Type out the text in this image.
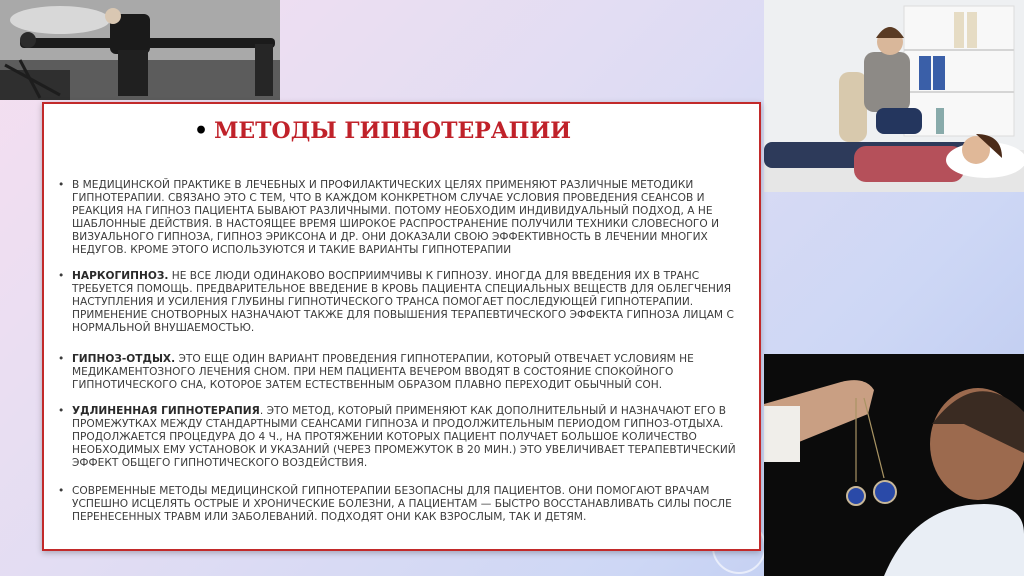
• МЕТОДЫ ГИПНОТЕРАПИИ
• В МЕДИЦИНСКОЙ ПРАКТИКЕ В ЛЕЧЕБНЫХ И ПРОФИЛАКТИЧЕСКИХ ЦЕЛЯХ ПРИМЕНЯЮТ РАЗЛИЧНЫЕ МЕТОДИКИ ГИПНОТЕРАПИИ. СВЯЗАНО ЭТО С ТЕМ, ЧТО В КАЖДОМ КОНКРЕТНОМ СЛУЧАЕ УСЛОВИЯ ПРОВЕДЕНИЯ СЕАНСОВ И РЕАКЦИЯ НА ГИПНОЗ ПАЦИЕНТА БЫВАЮТ РАЗЛИЧНЫМИ. ПОТОМУ НЕОБХОДИМ ИНДИВИДУАЛЬНЫЙ ПОДХОД, А НЕ ШАБЛОННЫЕ ДЕЙСТВИЯ. В НАСТОЯЩЕЕ ВРЕМЯ ШИРОКОЕ РАСПРОСТРАНЕНИЕ ПОЛУЧИЛИ ТЕХНИКИ СЛОВЕСНОГО И ВИЗУАЛЬНОГО ГИПНОЗА, ГИПНОЗ ЭРИКСОНА И ДР. ОНИ ДОКАЗАЛИ СВОЮ ЭФФЕКТИВНОСТЬ В ЛЕЧЕНИИ МНОГИХ НЕДУГОВ. КРОМЕ ЭТОГО ИСПОЛЬЗУЮТСЯ И ТАКИЕ ВАРИАНТЫ ГИПНОТЕРАПИИ
• НАРКОГИПНОЗ. НЕ ВСЕ ЛЮДИ ОДИНАКОВО ВОСПРИИМЧИВЫ К ГИПНОЗУ. ИНОГДА ДЛЯ ВВЕДЕНИЯ ИХ В ТРАНС ТРЕБУЕТСЯ ПОМОЩЬ. ПРЕДВАРИТЕЛЬНОЕ ВВЕДЕНИЕ В КРОВЬ ПАЦИЕНТА СПЕЦИАЛЬНЫХ ВЕЩЕСТВ ДЛЯ ОБЛЕГЧЕНИЯ НАСТУПЛЕНИЯ И УСИЛЕНИЯ ГЛУБИНЫ ГИПНОТИЧЕСКОГО ТРАНСА ПОМОГАЕТ ПОСЛЕДУЮЩЕЙ ГИПНОТЕРАПИИ. ПРИМЕНЕНИЕ СНОТВОРНЫХ НАЗНАЧАЮТ ТАКЖЕ ДЛЯ ПОВЫШЕНИЯ ТЕРАПЕВТИЧЕСКОГО ЭФФЕКТА ГИПНОЗА ЛИЦАМ С НОРМАЛЬНОЙ ВНУШАЕМОСТЬЮ.
• ГИПНОЗ-ОТДЫХ. ЭТО ЕЩЕ ОДИН ВАРИАНТ ПРОВЕДЕНИЯ ГИПНОТЕРАПИИ, КОТОРЫЙ ОТВЕЧАЕТ УСЛОВИЯМ НЕ МЕДИКАМЕНТОЗНОГО ЛЕЧЕНИЯ СНОМ. ПРИ НЕМ ПАЦИЕНТА ВЕЧЕРОМ ВВОДЯТ В СОСТОЯНИЕ СПОКОЙНОГО ГИПНОТИЧЕСКОГО СНА, КОТОРОЕ ЗАТЕМ ЕСТЕСТВЕННЫМ ОБРАЗОМ ПЛАВНО ПЕРЕХОДИТ ОБЫЧНЫЙ СОН.
• УДЛИНЕННАЯ ГИПНОТЕРАПИЯ. ЭТО МЕТОД, КОТОРЫЙ ПРИМЕНЯЮТ КАК ДОПОЛНИТЕЛЬНЫЙ И НАЗНАЧАЮТ ЕГО В ПРОМЕЖУТКАХ МЕЖДУ СТАНДАРТНЫМИ СЕАНСАМИ ГИПНОЗА И ПРОДОЛЖИТЕЛЬНЫМ ПЕРИОДОМ ГИПНОЗ-ОТДЫХА. ПРОДОЛЖАЕТСЯ ПРОЦЕДУРА ДО 4 Ч., НА ПРОТЯЖЕНИИ КОТОРЫХ ПАЦИЕНТ ПОЛУЧАЕТ БОЛЬШОЕ КОЛИЧЕСТВО НЕОБХОДИМЫХ ЕМУ УСТАНОВОК И УКАЗАНИЙ (ЧЕРЕЗ ПРОМЕЖУТОК В 20 МИН.) ЭТО УВЕЛИЧИВАЕТ ТЕРАПЕВТИЧЕСКИЙ ЭФФЕКТ ОБЩЕГО ГИПНОТИЧЕСКОГО ВОЗДЕЙСТВИЯ.
• СОВРЕМЕННЫЕ МЕТОДЫ МЕДИЦИНСКОЙ ГИПНОТЕРАПИИ БЕЗОПАСНЫ ДЛЯ ПАЦИЕНТОВ. ОНИ ПОМОГАЮТ ВРАЧАМ УСПЕШНО ИСЦЕЛЯТЬ ОСТРЫЕ И ХРОНИЧЕСКИЕ БОЛЕЗНИ, А ПАЦИЕНТАМ — БЫСТРО ВОССТАНАВЛИВАТЬ СИЛЫ ПОСЛЕ ПЕРЕНЕСЕННЫХ ТРАВМ ИЛИ ЗАБОЛЕВАНИЙ. ПОДХОДЯТ ОНИ КАК ВЗРОСЛЫМ, ТАК И ДЕТЯМ.
